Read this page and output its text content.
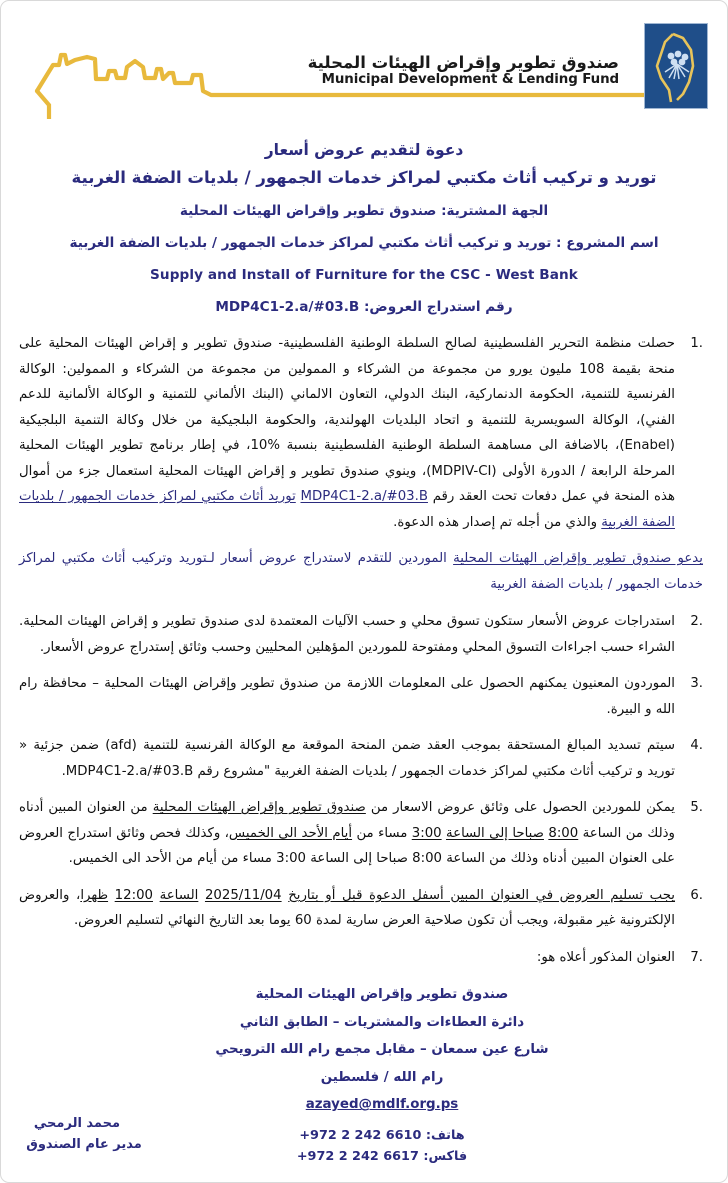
صندوق تطوير وإقراض الهيئات المحلية
Municipal Development & Lending Fund
دعوة لتقديم عروض أسعار
توريد و تركيب أثاث مكتبي لمراكز خدمات الجمهور / بلديات الضفة الغربية
الجهة المشترية: صندوق تطوير وإقراض الهيئات المحلية
اسم المشروع : توريد و تركيب أثاث مكتبي لمراكز خدمات الجمهور / بلديات الضفة الغربية
Supply and Install of Furniture for the CSC - West Bank
رقم استدراج العروض: MDP4C1-2.a/#03.B
حصلت منظمة التحرير الفلسطينية لصالح السلطة الوطنية الفلسطينية- صندوق تطوير و إقراض الهيئات المحلية على منحة بقيمة 108 مليون يورو من مجموعة من الشركاء و الممولين من مجموعة من الشركاء و الممولين: الوكالة الفرنسية للتنمية، الحكومة الدنماركية، البنك الدولي، التعاون الالماني (البنك الألماني للتمنية و الوكالة الألمانية للدعم الفني)، الوكالة السويسرية للتنمية و اتحاد البلديات الهولندية، والحكومة البلجيكية من خلال وكالة التنمية البلجيكية (Enabel)، بالاضافة الى مساهمة السلطة الوطنية الفلسطينية بنسبة 10%، في إطار برنامج تطوير الهيئات المحلية المرحلة الرابعة / الدورة الأولى (MDPIV-CI)، وينوي صندوق تطوير و إقراض الهيئات المحلية استعمال جزء من أموال هذه المنحة في عمل دفعات تحت العقد رقم MDP4C1-2.a/#03.B توريد أثاث مكتبي لمراكز خدمات الجمهور / بلديات الضفة الغربية والذي من أجله تم إصدار هذه الدعوة.
يدعو صندوق تطوير وإقراض الهيئات المحلية الموردين للتقدم لاستدراج عروض أسعار لـتوريد وتركيب أثاث مكتبي لمراكز خدمات الجمهور / بلديات الضفة الغربية
استدراجات عروض الأسعار ستكون تسوق محلي و حسب الآليات المعتمدة لدى صندوق تطوير و إقراض الهيئات المحلية. الشراء حسب اجراءات التسوق المحلي ومفتوحة للموردين المؤهلين المحليين وحسب وثائق إستدراج عروض الأسعار.
الموردون المعنيون يمكنهم الحصول على المعلومات اللازمة من صندوق تطوير وإقراض الهيئات المحلية – محافظة رام الله و البيرة.
سيتم تسديد المبالغ المستحقة بموجب العقد ضمن المنحة الموقعة مع الوكالة الفرنسية للتنمية (afd) ضمن جزئية « توريد و تركيب أثاث مكتبي لمراكز خدمات الجمهور / بلديات الضفة الغربية "مشروع رقم MDP4C1-2.a/#03.B.
يمكن للموردين الحصول على وثائق عروض الاسعار من صندوق تطوير وإقراض الهيئات المحلية من العنوان المبين أدناه وذلك من الساعة 8:00 صباحا إلى الساعة 3:00 مساء من أيام الأحد الى الخميس، وكذلك فحص وثائق استدراج العروض على العنوان المبين أدناه وذلك من الساعة 8:00 صباحا إلى الساعة 3:00 مساء من أيام من الأحد الى الخميس.
يجب تسليم العروض في العنوان المبين أسفل الدعوة قبل أو بتاريخ 2025/11/04 الساعة 12:00 ظهرا، والعروض الإلكترونية غير مقبولة، ويجب أن تكون صلاحية العرض سارية لمدة 60 يوما بعد التاريخ النهائي لتسليم العروض.
العنوان المذكور أعلاه هو:
صندوق تطوير وإقراض الهيئات المحلية
دائرة العطاءات والمشتريات – الطابق الثاني
شارع عين سمعان – مقابل مجمع رام الله الترويحي
رام الله / فلسطين
azayed@mdlf.org.ps
هاتف: +972 2 242 6610
فاكس: +972 2 242 6617
محمد الرمحي
مدير عام الصندوق
